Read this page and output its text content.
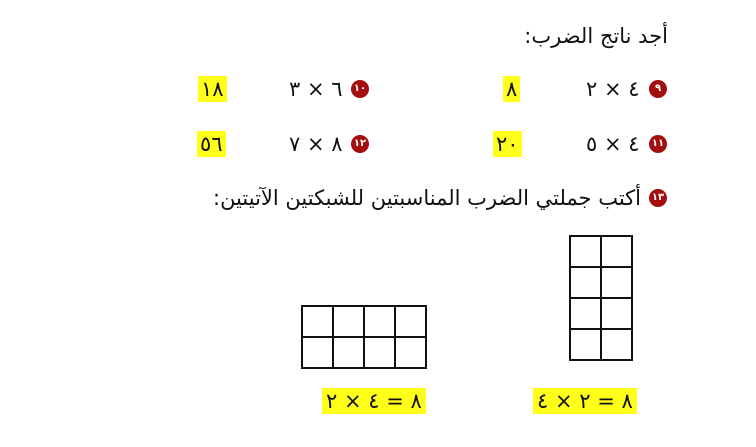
أجد ناتج الضرب:
٩
٤ × ٢
٨
١٠
٦ × ٣
١٨
١١
٤ × ٥
٢٠
١٢
٨ × ٧
٥٦
١٣
أكتب جملتي الضرب المناسبتين للشبكتين الآتيتين:
٨ = ٢ × ٤
٨ = ٤ × ٢
